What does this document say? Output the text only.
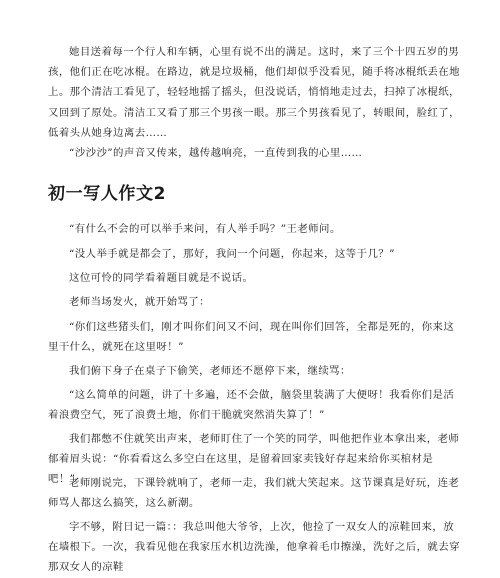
她目送着每一个行人和车辆，心里有说不出的满足。这时，来了三个十四五岁的男孩，他们正在吃冰棍。在路边，就是垃圾桶，他们却似乎没看见，随手将冰棍纸丢在地上。那个清洁工看见了，轻轻地摇了摇头，但没说话，悄悄地走过去，扫掉了冰棍纸，又回到了原处。清洁工又看了那三个男孩一眼。那三个男孩看见了，转眼间，脸红了，低着头从她身边离去……

“沙沙沙”的声音又传来，越传越响亮，一直传到我的心里……

初一写人作文2

“有什么不会的可以举手来问，有人举手吗？”王老师问。

“没人举手就是都会了，那好，我问一个问题，你起来，这等于几？”

这位可怜的同学看着题目就是不说话。

老师当场发火，就开始骂了：

“你们这些猪头们，刚才叫你们问又不问，现在叫你们回答，全都是死的，你来这里干什么，就死在这里呀！”

我们俯下身子在桌子下偷笑，老师还不愿停下来，继续骂：

“这么简单的问题，讲了十多遍，还不会做，脑袋里装满了大便呀！我看你们是活着浪费空气，死了浪费土地，你们干脆就突然消失算了！”

我们都憋不住就笑出声来，老师盯住了一个笑的同学，叫他把作业本拿出来，老师郁着眉头说：“你看看这么多空白在这里，是留着回家卖钱好存起来给你买棺材是吧！”

老师刚说完，下课铃就响了，老师一走，我们就大笑起来。这节课真是好玩，连老师骂人都这么搞笑，这么新潮。

字不够，附日记一篇：：我总叫他大爷爷，上次，他捡了一双女人的凉鞋回来，放在墙根下。一次，我看见他在我家压水机边洗澡，他拿着毛巾擦澡，洗好之后，就去穿那双女人的凉鞋
